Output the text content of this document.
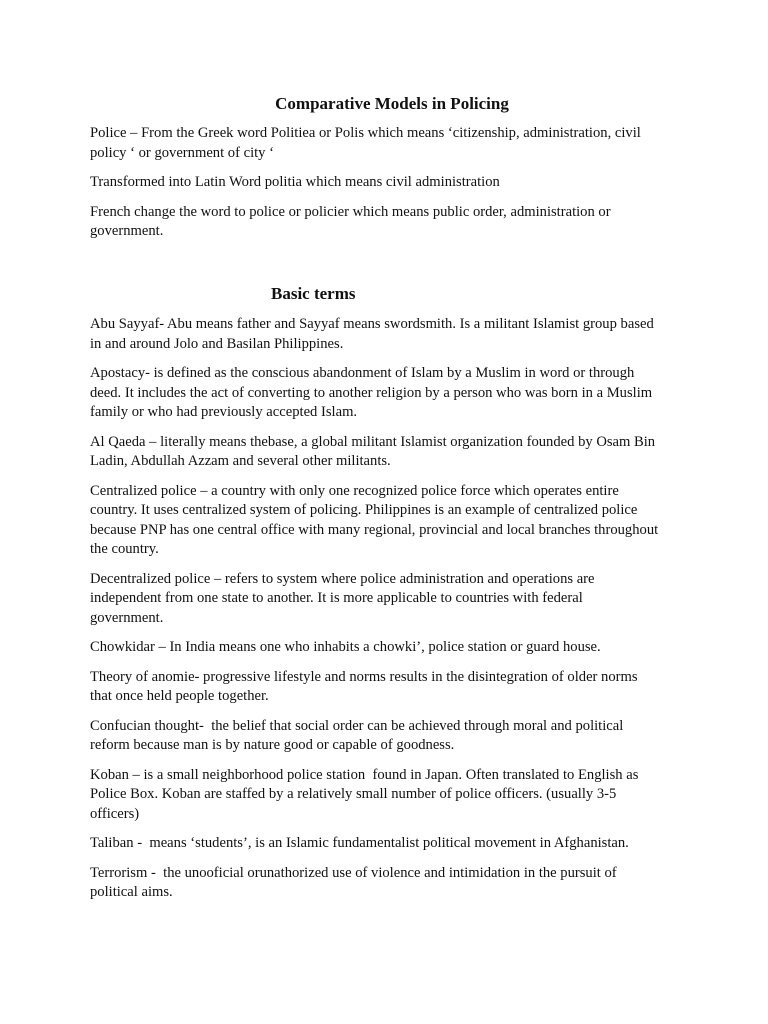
Comparative Models in Policing

Police – From the Greek word Politiea or Polis which means ‘citizenship, administration, civil
policy ‘ or government of city ‘

Transformed into Latin Word politia which means civil administration

French change the word to police or policier which means public order, administration or
government.

Basic terms

Abu Sayyaf- Abu means father and Sayyaf means swordsmith. Is a militant Islamist group based
in and around Jolo and Basilan Philippines.

Apostacy- is defined as the conscious abandonment of Islam by a Muslim in word or through
deed. It includes the act of converting to another religion by a person who was born in a Muslim
family or who had previously accepted Islam.

Al Qaeda – literally means thebase, a global militant Islamist organization founded by Osam Bin
Ladin, Abdullah Azzam and several other militants.

Centralized police – a country with only one recognized police force which operates entire
country. It uses centralized system of policing. Philippines is an example of centralized police
because PNP has one central office with many regional, provincial and local branches throughout
the country.

Decentralized police – refers to system where police administration and operations are
independent from one state to another. It is more applicable to countries with federal
government.

Chowkidar – In India means one who inhabits a chowki’, police station or guard house.

Theory of anomie- progressive lifestyle and norms results in the disintegration of older norms
that once held people together.

Confucian thought-  the belief that social order can be achieved through moral and political
reform because man is by nature good or capable of goodness.

Koban – is a small neighborhood police station  found in Japan. Often translated to English as
Police Box. Koban are staffed by a relatively small number of police officers. (usually 3-5
officers)

Taliban -  means ‘students’, is an Islamic fundamentalist political movement in Afghanistan.

Terrorism -  the unooficial orunathorized use of violence and intimidation in the pursuit of
political aims.
